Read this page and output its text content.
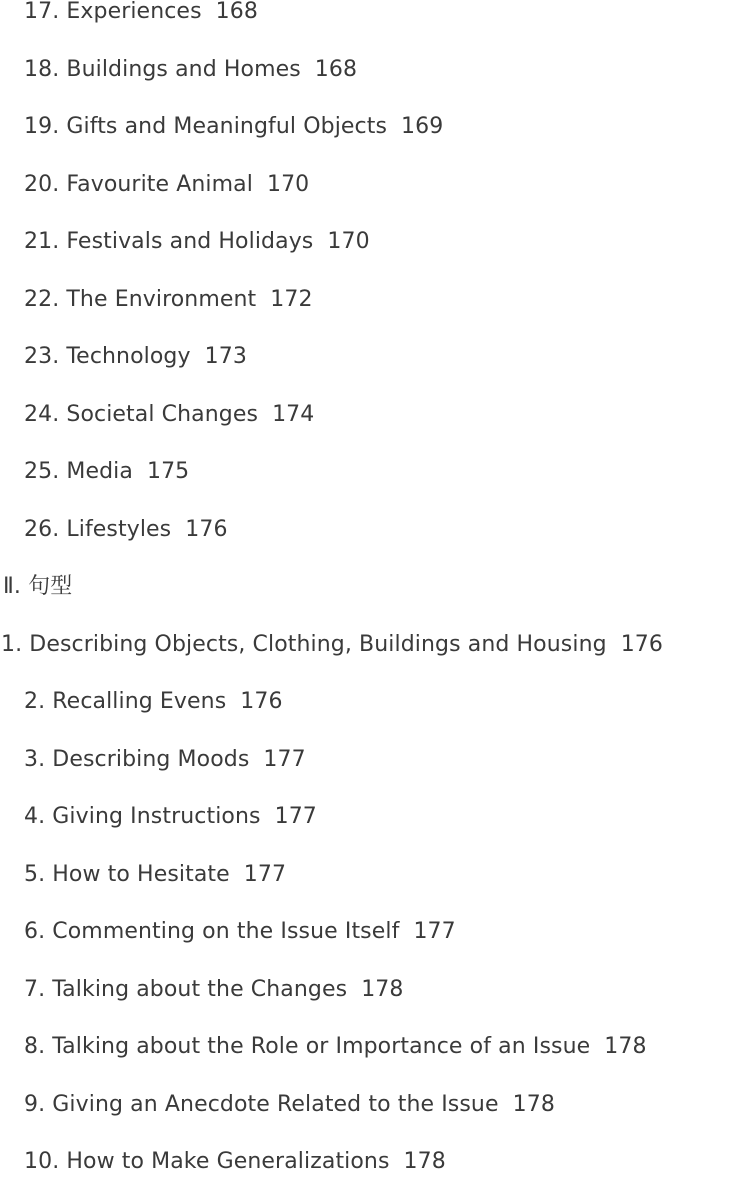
17. Experiences 168
18. Buildings and Homes 168
19. Gifts and Meaningful Objects 169
20. Favourite Animal 170
21. Festivals and Holidays 170
22. The Environment 172
23. Technology 173
24. Societal Changes 174
25. Media 175
26. Lifestyles 176
Ⅱ. 句型
1. Describing Objects, Clothing, Buildings and Housing 176
2. Recalling Evens 176
3. Describing Moods 177
4. Giving Instructions 177
5. How to Hesitate 177
6. Commenting on the Issue Itself 177
7. Talking about the Changes 178
8. Talking about the Role or Importance of an Issue 178
9. Giving an Anecdote Related to the Issue 178
10. How to Make Generalizations 178
